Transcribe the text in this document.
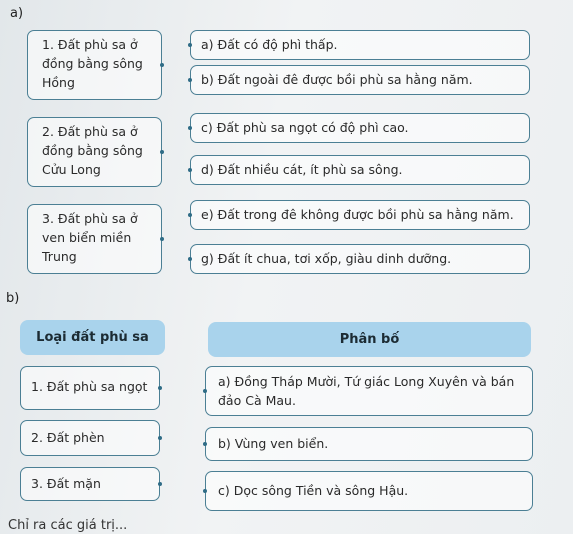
a)
1. Đất phù sa ở đồng bằng sông Hồng
2. Đất phù sa ở đồng bằng sông Cửu Long
3. Đất phù sa ở ven biển miền Trung
a) Đất có độ phì thấp.
b) Đất ngoài đê được bồi phù sa hằng năm.
c) Đất phù sa ngọt có độ phì cao.
d) Đất nhiều cát, ít phù sa sông.
e) Đất trong đê không được bồi phù sa hằng năm.
g) Đất ít chua, tơi xốp, giàu dinh dưỡng.
b)
Loại đất phù sa	Phân bố
1. Đất phù sa ngọt
2. Đất phèn
3. Đất mặn
a) Đồng Tháp Mười, Tứ giác Long Xuyên và bán đảo Cà Mau.
b) Vùng ven biển.
c) Dọc sông Tiền và sông Hậu.
Chỉ ra các giá trị...
